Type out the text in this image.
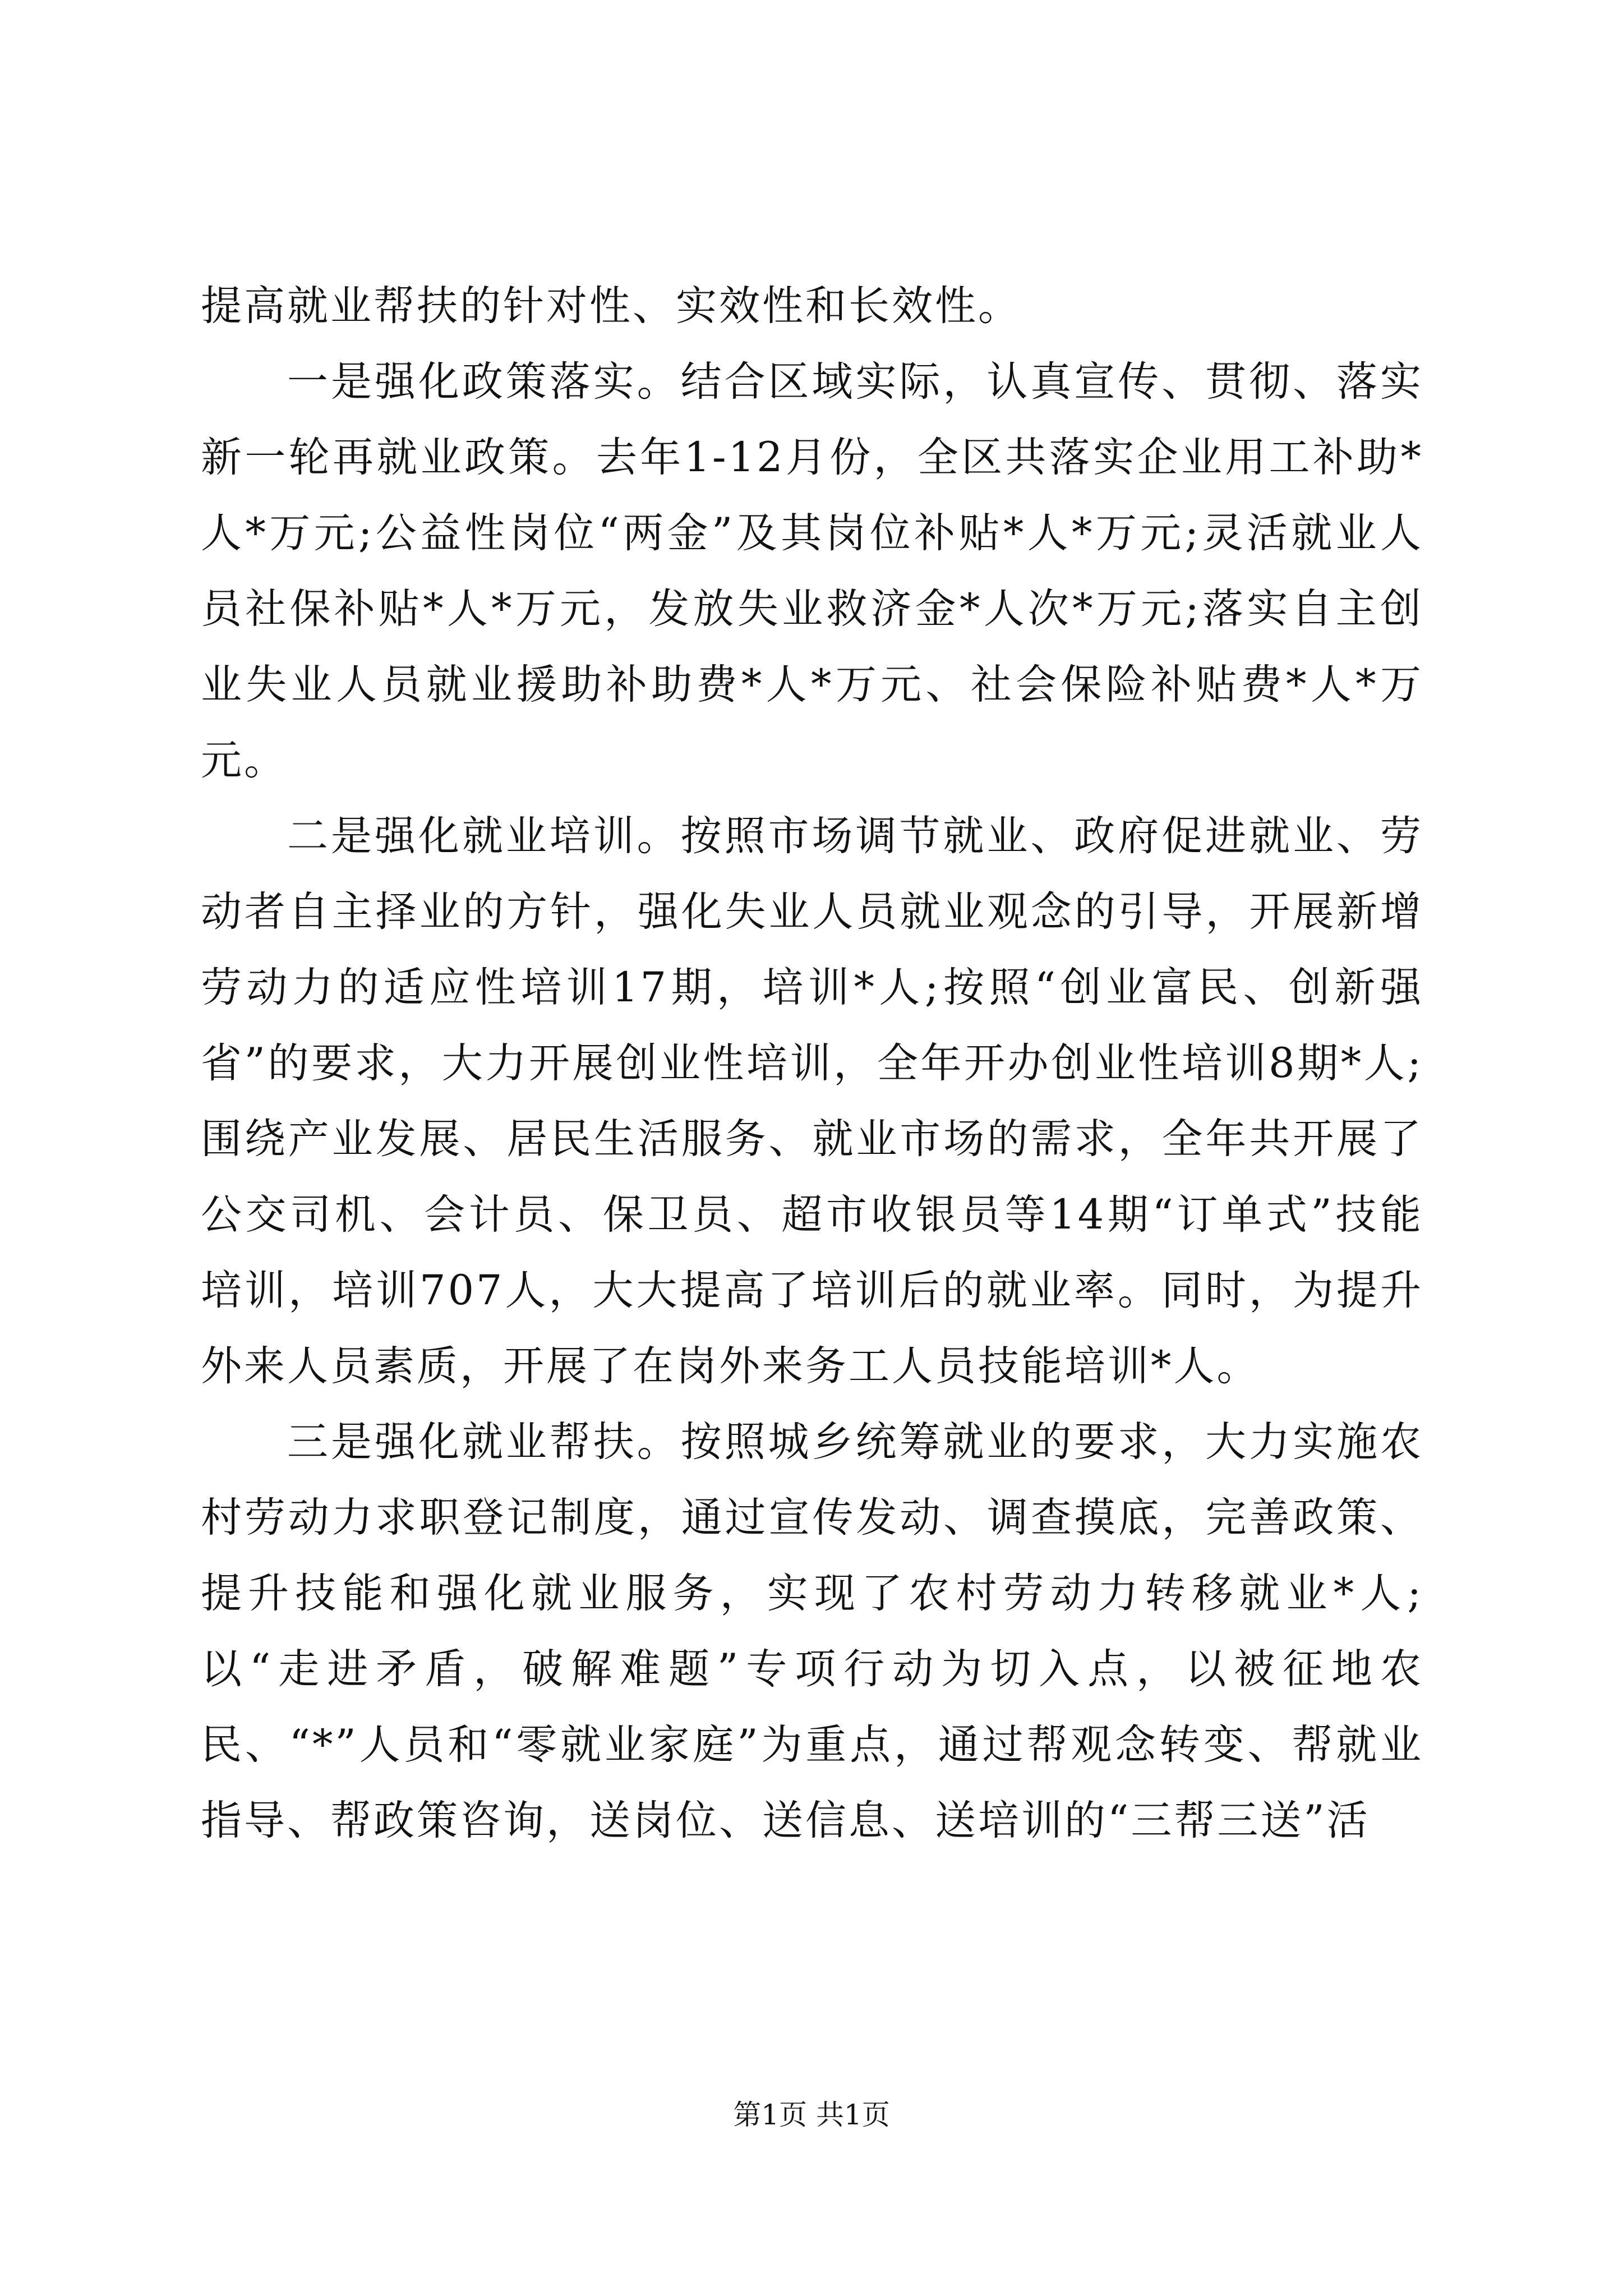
提高就业帮扶的针对性、实效性和长效性。

一是强化政策落实。结合区域实际，认真宣传、贯彻、落实新一轮再就业政策。去年1-12月份，全区共落实企业用工补助*人*万元;公益性岗位“两金”及其岗位补贴*人*万元;灵活就业人员社保补贴*人*万元，发放失业救济金*人次*万元;落实自主创业失业人员就业援助补助费*人*万元、社会保险补贴费*人*万元。

二是强化就业培训。按照市场调节就业、政府促进就业、劳动者自主择业的方针，强化失业人员就业观念的引导，开展新增劳动力的适应性培训17期，培训*人;按照“创业富民、创新强省”的要求，大力开展创业性培训，全年开办创业性培训8期*人;围绕产业发展、居民生活服务、就业市场的需求，全年共开展了公交司机、会计员、保卫员、超市收银员等14期“订单式”技能培训，培训707人，大大提高了培训后的就业率。同时，为提升外来人员素质，开展了在岗外来务工人员技能培训*人。

三是强化就业帮扶。按照城乡统筹就业的要求，大力实施农村劳动力求职登记制度，通过宣传发动、调查摸底，完善政策、提升技能和强化就业服务，实现了农村劳动力转移就业*人;以“走进矛盾，破解难题”专项行动为切入点，以被征地农民、“*”人员和“零就业家庭”为重点，通过帮观念转变、帮就业指导、帮政策咨询，送岗位、送信息、送培训的“三帮三送”活

第1页 共1页
